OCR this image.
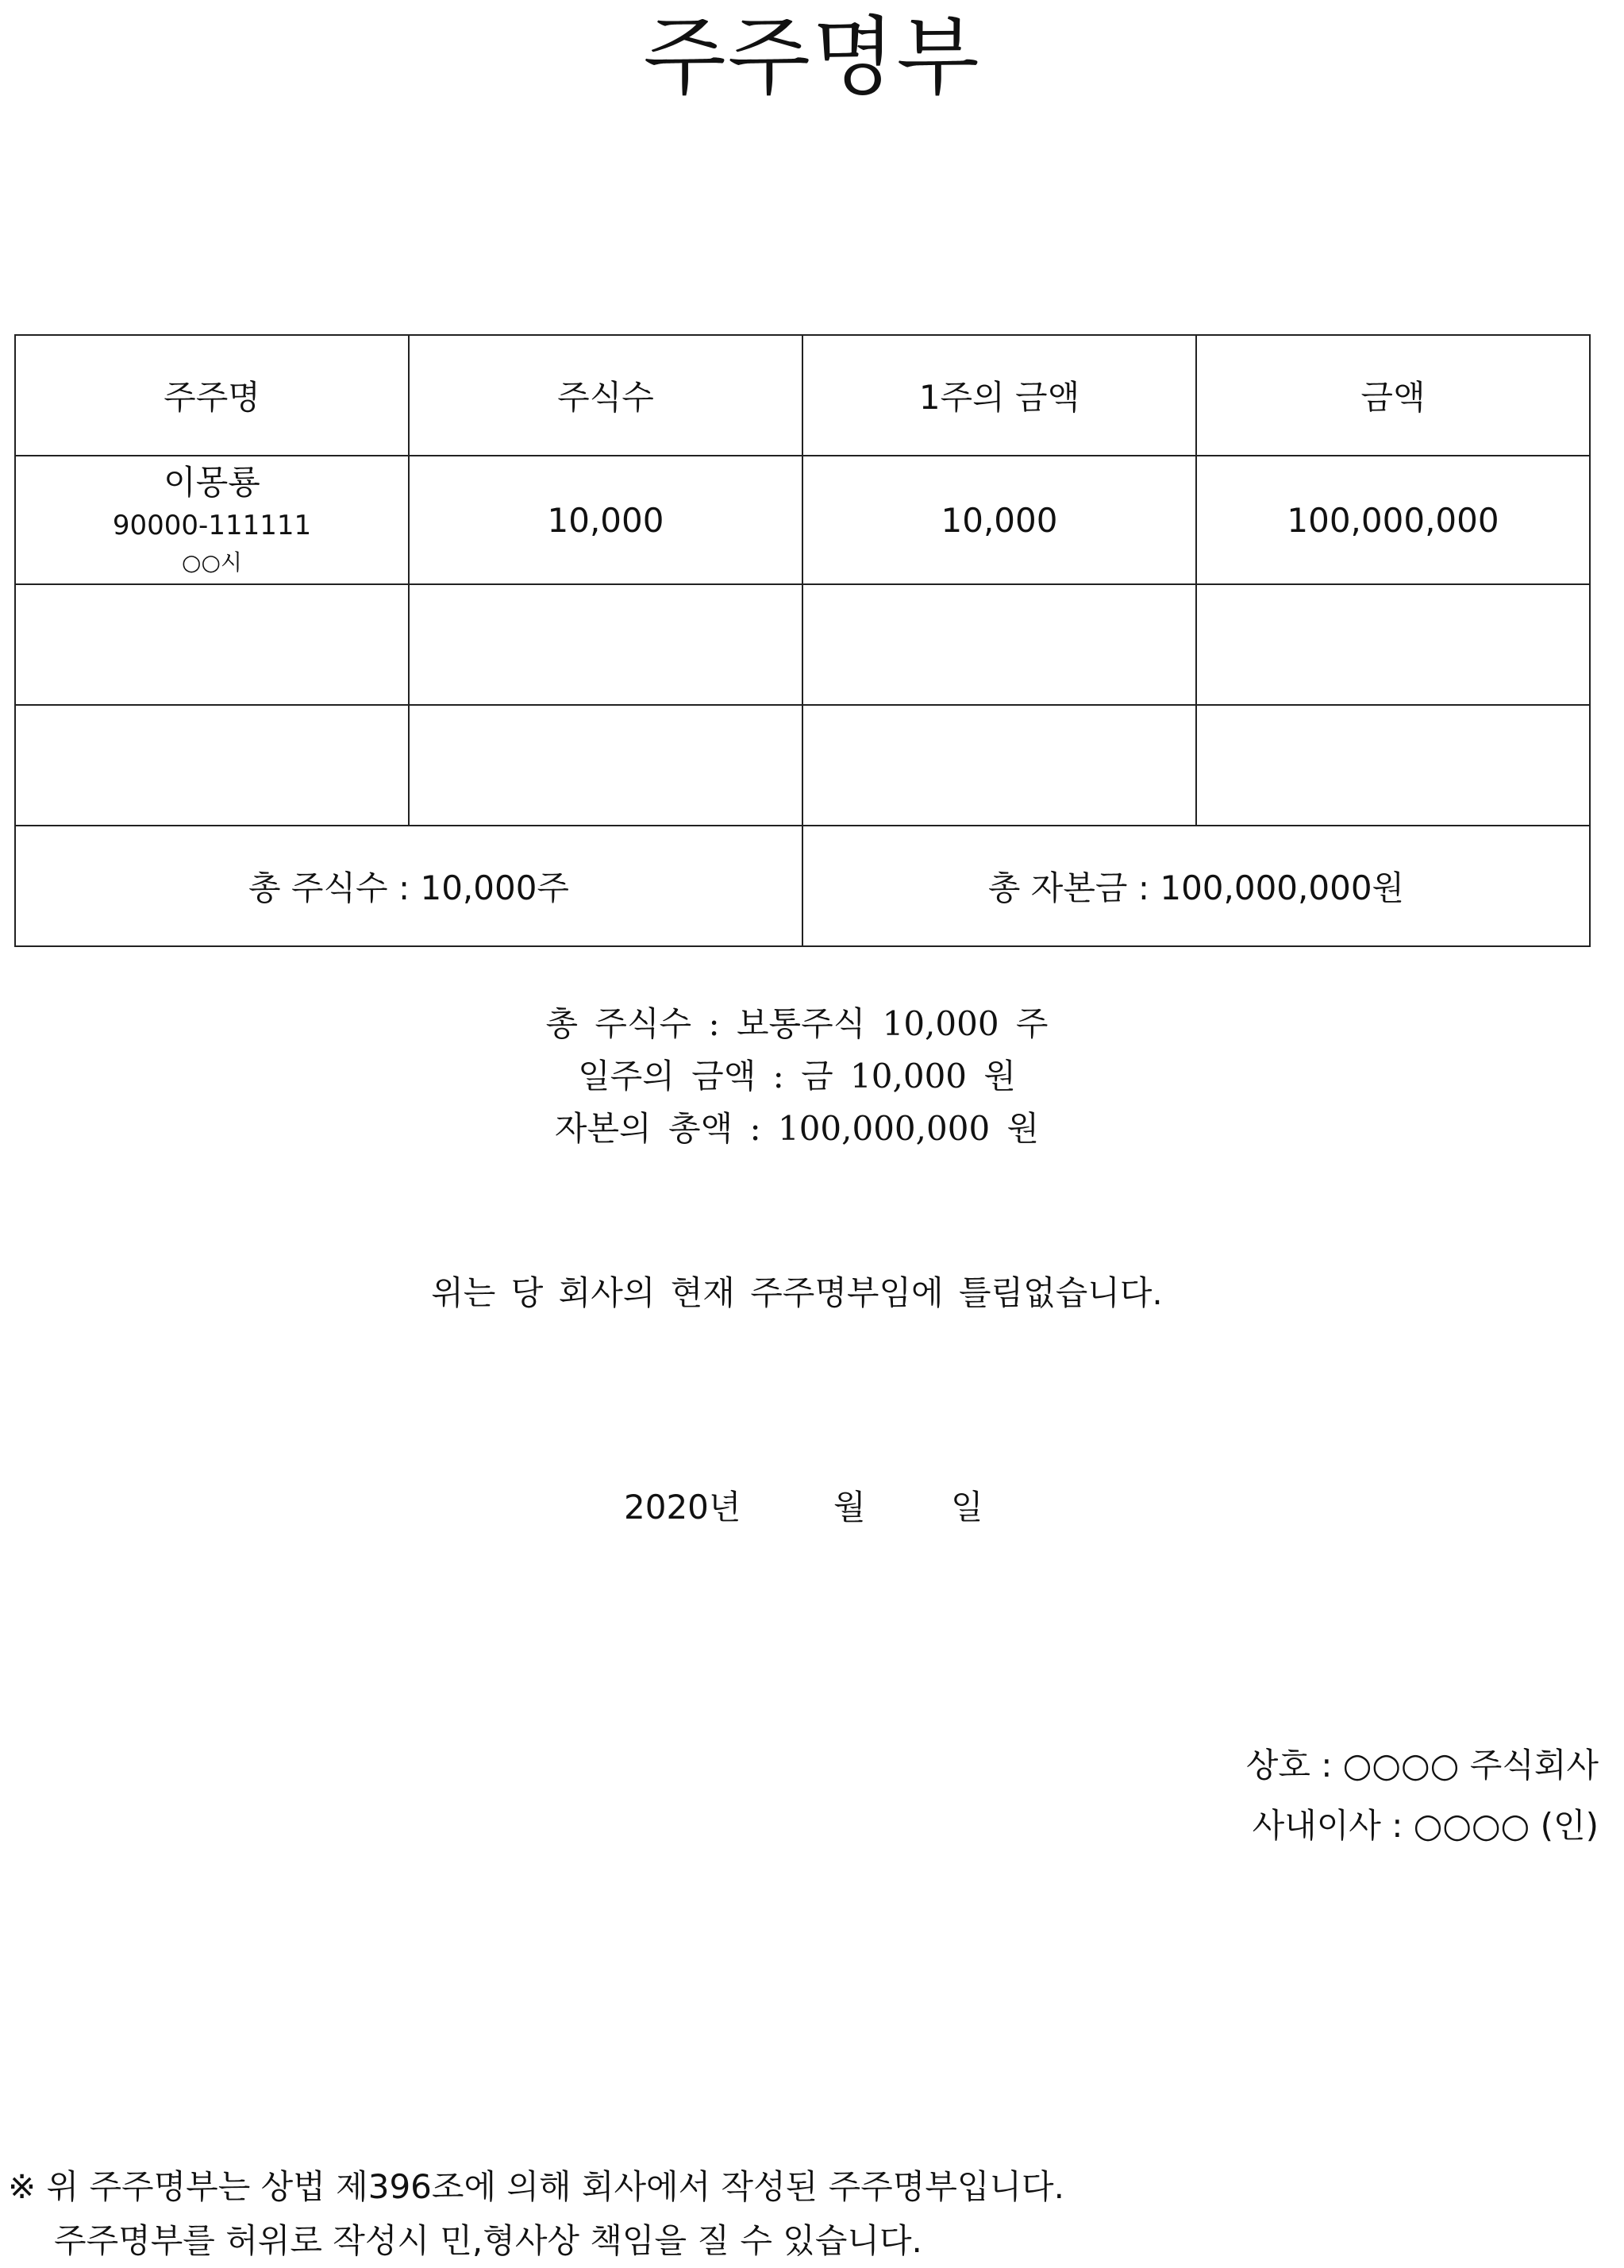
주주명부
주주명	주식수	1주의 금액	금액

이몽룡
90000-111111
○○시	10,000	10,000	100,000,000

총 주식수 : 10,000주		총 자본금 : 100,000,000원	
총 주식수 : 보통주식 10,000 주
일주의 금액 : 금 10,000 원
자본의 총액 : 100,000,000 원
위는 당 회사의 현재 주주명부임에 틀림없습니다.
2020년	월	일
상호 : ○○○○ 주식회사
사내이사 : ○○○○ (인)
※ 위 주주명부는 상법 제396조에 의해 회사에서 작성된 주주명부입니다.
주주명부를 허위로 작성시 민,형사상 책임을 질 수 있습니다.
